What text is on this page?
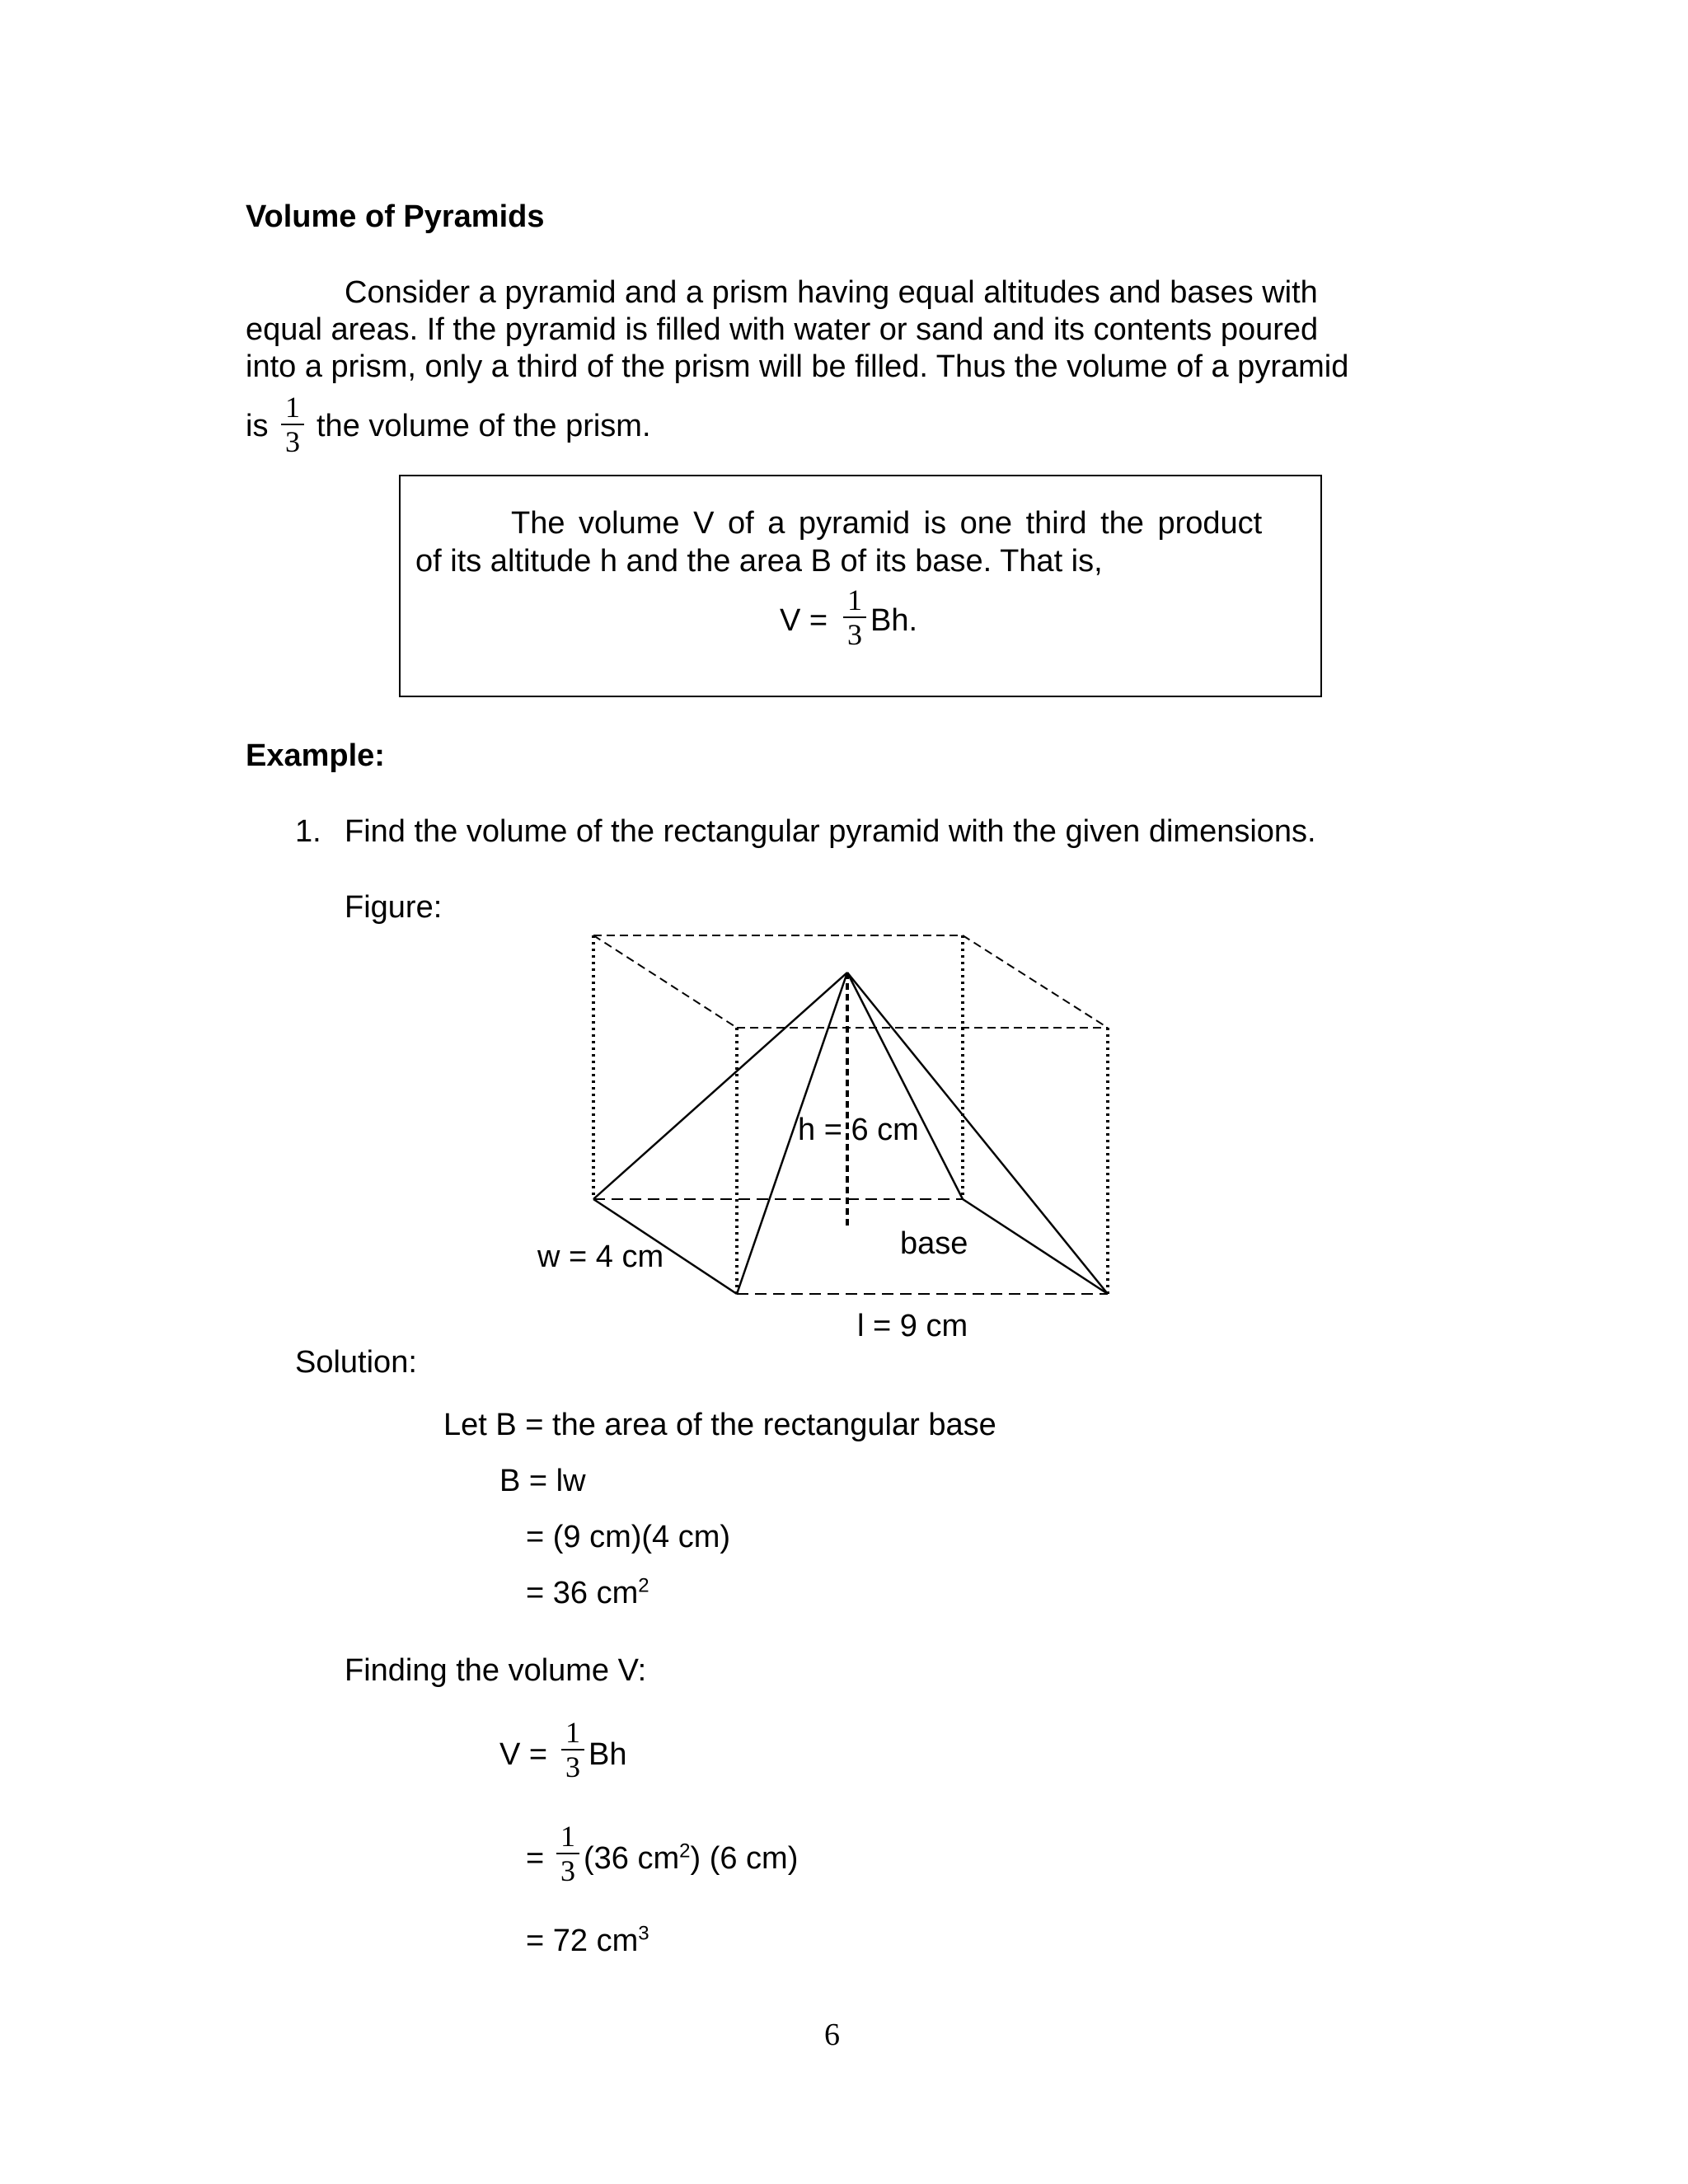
Volume of Pyramids
Consider a pyramid and a prism having equal altitudes and bases with
equal areas. If the pyramid is filled with water or sand and its contents poured
into a prism, only a third of the prism will be filled. Thus the volume of a pyramid
is
1
3 the volume of the prism.
The volume V of a pyramid is one third the product
of its altitude h and the area B of its base. That is,
V =
1
3 Bh.
Example:
1. Find the volume of the rectangular pyramid with the given dimensions.
Figure:
h = 6 cm
base
w = 4 cm
l = 9 cm
Solution:
Let B = the area of the rectangular base
B = lw
= (9 cm)(4 cm)
= 36 $cm^2$
Finding the volume V:
V =
1
3 Bh
=
1
3 (36 $cm^2$) (6 cm)
= 72 $cm^3$
6
